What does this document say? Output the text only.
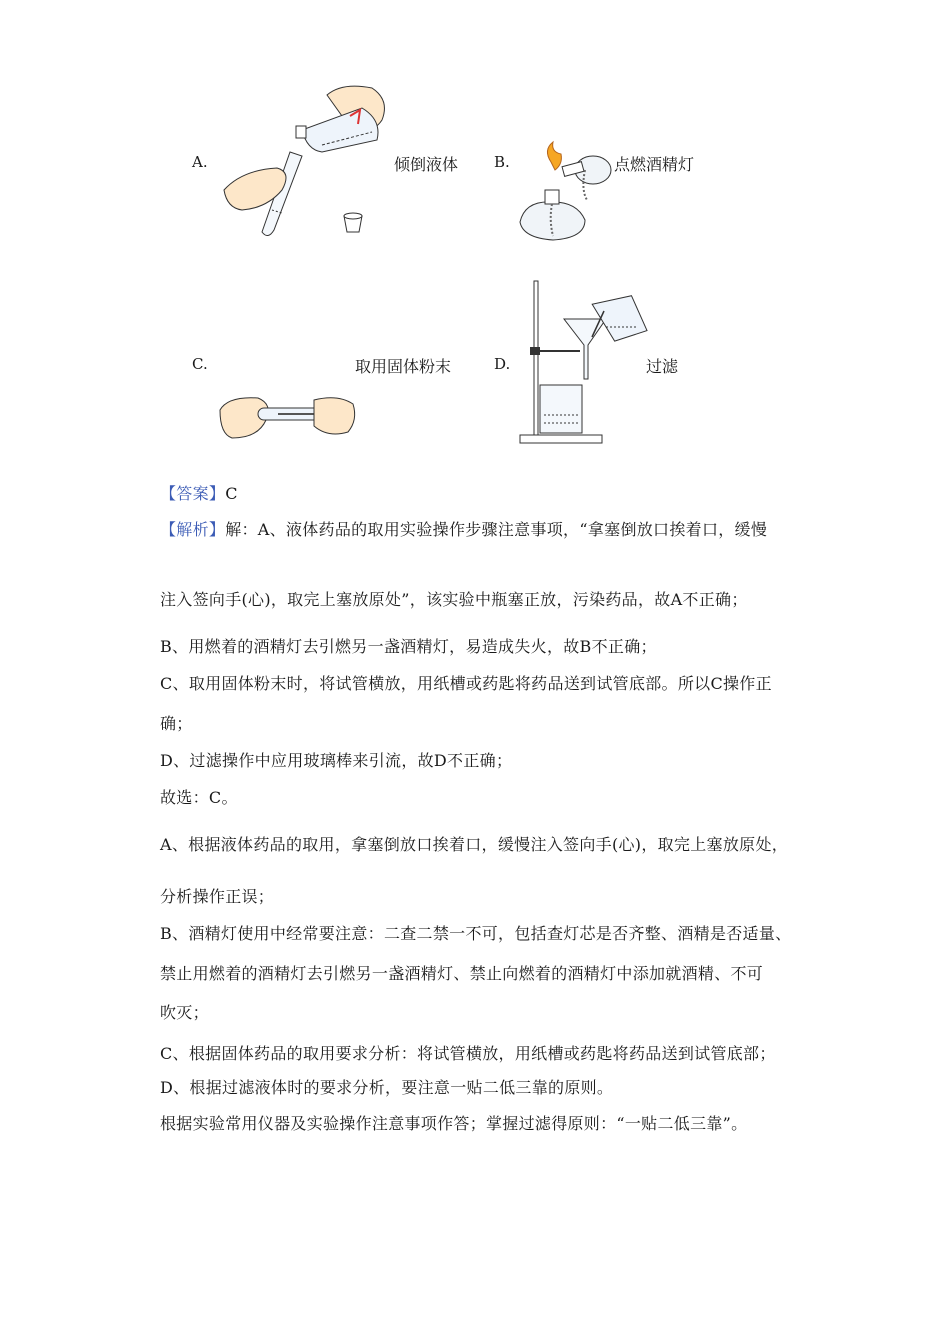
A.	倾倒液体 B.	点燃酒精灯
C.	取用固体粉末	D.	过滤
【答案】C
【解析】解：A、液体药品的取用实验操作步骤注意事项，“拿塞倒放口挨着口，缓慢
注入签向手(心)，取完上塞放原处”，该实验中瓶塞正放，污染药品，故A不正确；
B、用燃着的酒精灯去引燃另一盏酒精灯，易造成失火，故B不正确；
C、取用固体粉末时，将试管横放，用纸槽或药匙将药品送到试管底部。所以C操作正
确；
D、过滤操作中应用玻璃棒来引流，故D不正确；
故选：C。
A、根据液体药品的取用，拿塞倒放口挨着口，缓慢注入签向手(心)，取完上塞放原处，
分析操作正误；
B、酒精灯使用中经常要注意：二查二禁一不可，包括查灯芯是否齐整、酒精是否适量、
禁止用燃着的酒精灯去引燃另一盏酒精灯、禁止向燃着的酒精灯中添加就酒精、不可
吹灭；
C、根据固体药品的取用要求分析：将试管横放，用纸槽或药匙将药品送到试管底部；
D、根据过滤液体时的要求分析，要注意一贴二低三靠的原则。
根据实验常用仪器及实验操作注意事项作答；掌握过滤得原则：“一贴二低三靠”。
